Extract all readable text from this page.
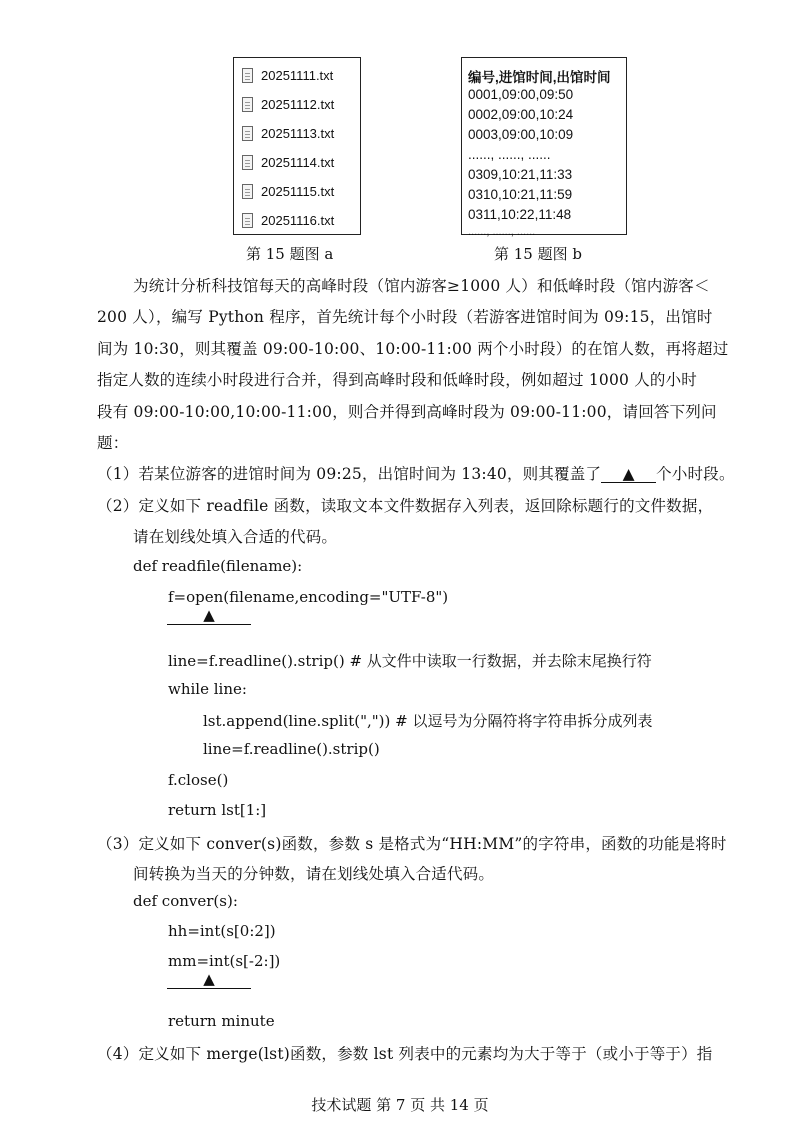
20251111.txt
20251112.txt
20251113.txt
20251114.txt
20251115.txt
20251116.txt
第 15 题图 a
编号,进馆时间,出馆时间
0001,09:00,09:50
0002,09:00,10:24
0003,09:00,10:09
......, ......, ......
0309,10:21,11:33
0310,10:21,11:59
0311,10:22,11:48
......, ......, ......
第 15 题图 b
为统计分析科技馆每天的高峰时段（馆内游客≥1000 人）和低峰时段（馆内游客＜
200 人），编写 Python 程序，首先统计每个小时段（若游客进馆时间为 09:15，出馆时
间为 10:30，则其覆盖 09:00-10:00、10:00-11:00 两个小时段）的在馆人数，再将超过
指定人数的连续小时段进行合并，得到高峰时段和低峰时段，例如超过 1000 人的小时
段有 09:00-10:00,10:00-11:00，则合并得到高峰时段为 09:00-11:00，请回答下列问
题：
（1）若某位游客的进馆时间为 09:25，出馆时间为 13:40，则其覆盖了 ▲ 个小时段。
（2）定义如下 readfile 函数，读取文本文件数据存入列表，返回除标题行的文件数据，
请在划线处填入合适的代码。
def readfile(filename):
f=open(filename,encoding="UTF-8")
▲
line=f.readline().strip() # 从文件中读取一行数据，并去除末尾换行符
while line:
lst.append(line.split(",")) # 以逗号为分隔符将字符串拆分成列表
line=f.readline().strip()
f.close()
return lst[1:]
（3）定义如下 conver(s)函数，参数 s 是格式为“HH:MM”的字符串，函数的功能是将时
间转换为当天的分钟数，请在划线处填入合适代码。
def conver(s):
hh=int(s[0:2])
mm=int(s[-2:])
▲
return minute
（4）定义如下 merge(lst)函数，参数 lst 列表中的元素均为大于等于（或小于等于）指
技术试题 第 7 页 共 14 页
